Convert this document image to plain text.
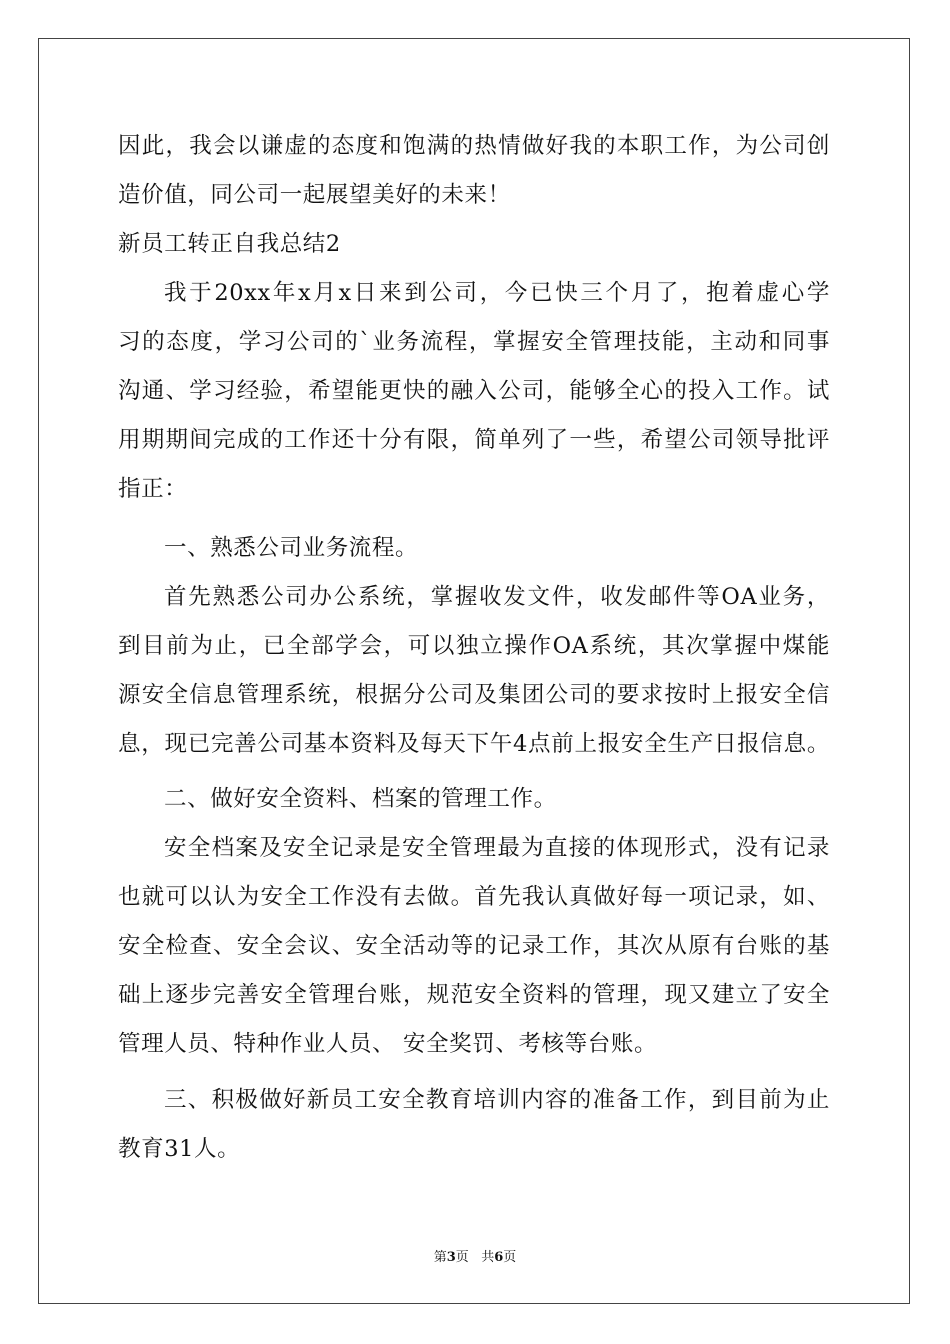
因此，我会以谦虚的态度和饱满的热情做好我的本职工作，为公司创
造价值，同公司一起展望美好的未来！
新员工转正自我总结2
我于20xx年x月x日来到公司，今已快三个月了，抱着虚心学
习的态度，学习公司的`业务流程，掌握安全管理技能，主动和同事
沟通、学习经验，希望能更快的融入公司，能够全心的投入工作。试
用期期间完成的工作还十分有限，简单列了一些，希望公司领导批评
指正：
一、熟悉公司业务流程。
首先熟悉公司办公系统，掌握收发文件，收发邮件等OA业务，
到目前为止，已全部学会，可以独立操作OA系统，其次掌握中煤能
源安全信息管理系统，根据分公司及集团公司的要求按时上报安全信
息，现已完善公司基本资料及每天下午4点前上报安全生产日报信息。
二、做好安全资料、档案的管理工作。
安全档案及安全记录是安全管理最为直接的体现形式，没有记录
也就可以认为安全工作没有去做。首先我认真做好每一项记录，如、
安全检查、安全会议、安全活动等的记录工作，其次从原有台账的基
础上逐步完善安全管理台账，规范安全资料的管理，现又建立了安全
管理人员、特种作业人员、 安全奖罚、考核等台账。
三、积极做好新员工安全教育培训内容的准备工作，到目前为止
教育31人。
第3页 共6页
